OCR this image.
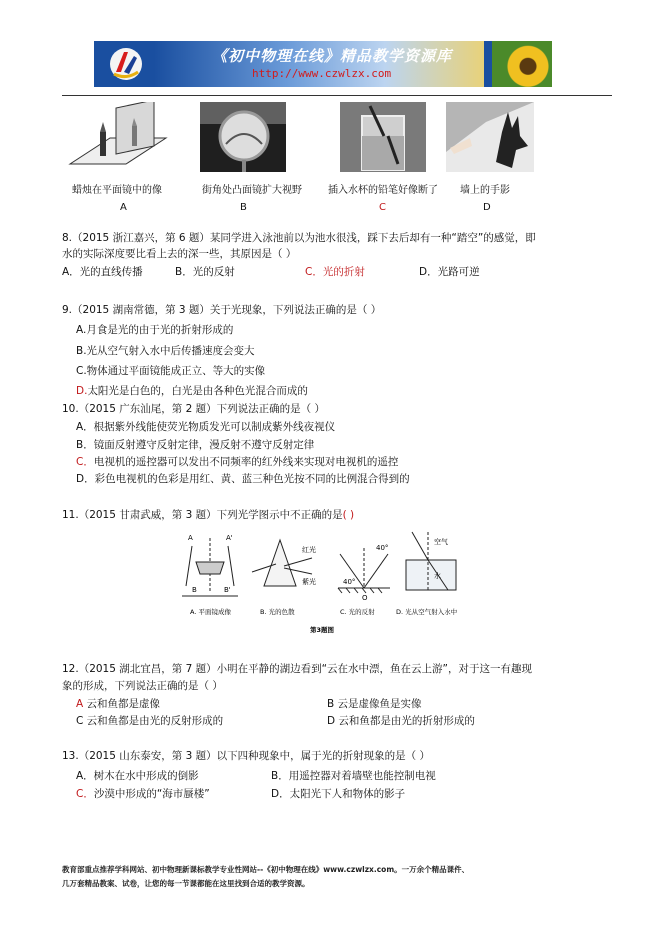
《初中物理在线》精品教学资源库
http://www.czwlzx.com
蜡烛在平面镜中的像	街角处凸面镜扩大视野	插入水杯的铅笔好像断了 墙上的手影
A	B	C	D
8.（2015 浙江嘉兴，第 6 题）某同学进入泳池前以为池水很浅，踩下去后却有一种“踏空”的感觉，即
水的实际深度要比看上去的深一些，其原因是（ ）
A．光的直线传播	B．光的反射	C．光的折射	D．光路可逆
9.（2015 湖南常德，第 3 题）关于光现象，下列说法正确的是（ ）
A.月食是光的由于光的折射形成的
B.光从空气射入水中后传播速度会变大
C.物体通过平面镜能成正立、等大的实像
D.太阳光是白色的，白光是由各种色光混合而成的
10.（2015 广东汕尾，第 2 题）下列说法正确的是（ ）
A．根据紫外线能使荧光物质发光可以制成紫外线夜视仪
B．镜面反射遵守反射定律，漫反射不遵守反射定律
C．电视机的遥控器可以发出不同频率的红外线来实现对电视机的遥控
D．彩色电视机的色彩是用红、黄、蓝三种色光按不同的比例混合得到的
11.（2015 甘肃武威，第 3 题）下列光学图示中不正确的是( )
A	A'
B	B'
红光
紫光
40°
40°
O
空气
水
A. 平面镜成像	B. 光的色散	C. 光的反射	D. 光从空气射入水中
第3题图
12.（2015 湖北宜昌，第 7 题）小明在平静的湖边看到“云在水中漂，鱼在云上游”，对于这一有趣现
象的形成，下列说法正确的是（ ）
A 云和鱼都是虚像	B 云是虚像鱼是实像
C 云和鱼都是由光的反射形成的	D 云和鱼都是由光的折射形成的
13.（2015 山东泰安，第 3 题）以下四种现象中，属于光的折射现象的是（ ）
A．树木在水中形成的倒影	B．用遥控器对着墙壁也能控制电视
C．沙漠中形成的“海市蜃楼”	D．太阳光下人和物体的影子
教育部重点推荐学科网站、初中物理新课标教学专业性网站--《初中物理在线》www.czwlzx.com。一万余个精品课件、
几万套精品教案、试卷，让您的每一节课都能在这里找到合适的教学资源。
